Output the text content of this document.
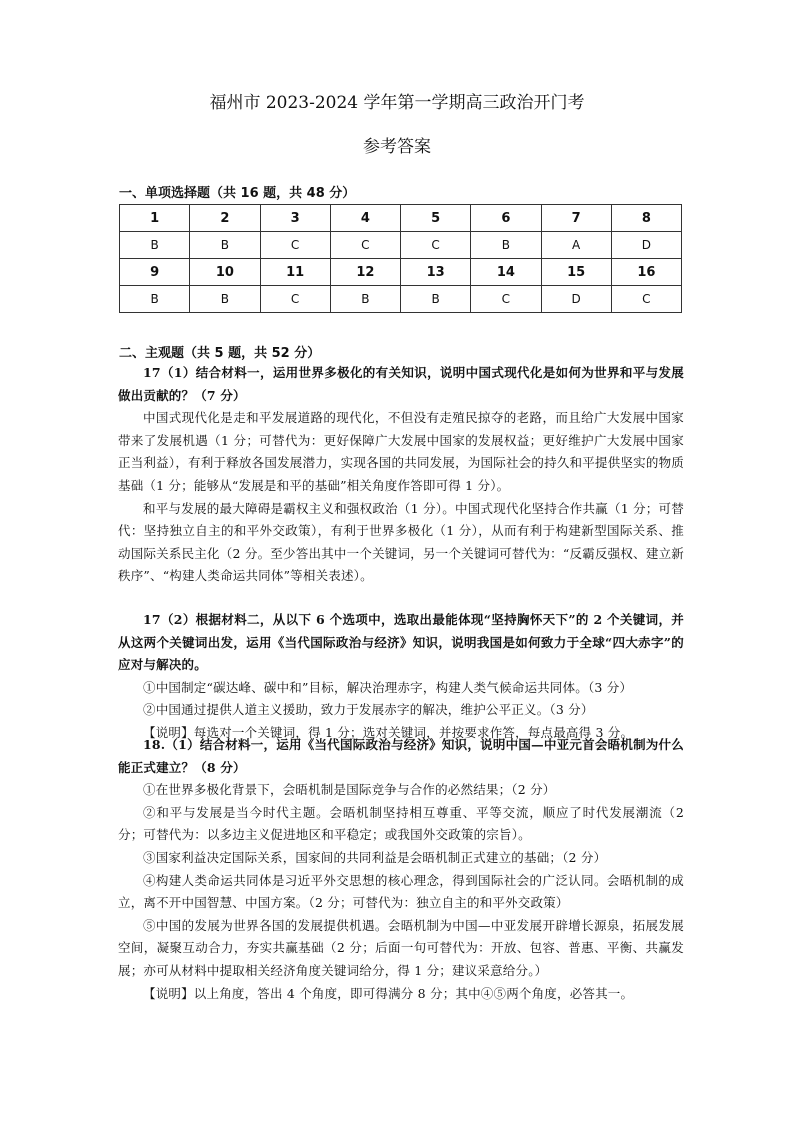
福州市 2023-2024 学年第一学期高三政治开门考
参考答案
一、单项选择题（共 16 题，共 48 分）
1	2	3	4	5	6	7	8
B	B	C	C	C	B	A	D
9	10	11	12	13	14	15	16
B	B	C	B	B	C	D	C
二、主观题（共 5 题，共 52 分）

17（1）结合材料一，运用世界多极化的有关知识，说明中国式现代化是如何为世界和平与发展做出贡献的？（7 分）

中国式现代化是走和平发展道路的现代化，不但没有走殖民掠夺的老路，而且给广大发展中国家带来了发展机遇（1 分；可替代为：更好保障广大发展中国家的发展权益；更好维护广大发展中国家正当利益），有利于释放各国发展潜力，实现各国的共同发展，为国际社会的持久和平提供坚实的物质基础（1 分；能够从“发展是和平的基础”相关角度作答即可得 1 分）。

和平与发展的最大障碍是霸权主义和强权政治（1 分）。中国式现代化坚持合作共赢（1 分；可替代：坚持独立自主的和平外交政策），有利于世界多极化（1 分），从而有利于构建新型国际关系、推动国际关系民主化（2 分。至少答出其中一个关键词，另一个关键词可替代为：“反霸反强权、建立新秩序”、“构建人类命运共同体”等相关表述）。

17（2）根据材料二，从以下 6 个选项中，选取出最能体现“坚持胸怀天下”的 2 个关键词，并从这两个关键词出发，运用《当代国际政治与经济》知识，说明我国是如何致力于全球“四大赤字”的应对与解决的。

①中国制定“碳达峰、碳中和”目标，解决治理赤字，构建人类气候命运共同体。（3 分）

②中国通过提供人道主义援助，致力于发展赤字的解决，维护公平正义。（3 分）

【说明】每选对一个关键词，得 1 分；选对关键词，并按要求作答，每点最高得 3 分。

18.（1）结合材料一，运用《当代国际政治与经济》知识，说明中国—中亚元首会晤机制为什么能正式建立？（8 分）

①在世界多极化背景下，会晤机制是国际竞争与合作的必然结果；（2 分）

②和平与发展是当今时代主题。会晤机制坚持相互尊重、平等交流，顺应了时代发展潮流（2 分；可替代为：以多边主义促进地区和平稳定；或我国外交政策的宗旨）。

③国家利益决定国际关系，国家间的共同利益是会晤机制正式建立的基础；（2 分）

④构建人类命运共同体是习近平外交思想的核心理念，得到国际社会的广泛认同。会晤机制的成立，离不开中国智慧、中国方案。（2 分；可替代为：独立自主的和平外交政策）

⑤中国的发展为世界各国的发展提供机遇。会晤机制为中国—中亚发展开辟增长源泉，拓展发展空间，凝聚互动合力，夯实共赢基础（2 分；后面一句可替代为：开放、包容、普惠、平衡、共赢发展；亦可从材料中提取相关经济角度关键词给分，得 1 分；建议采意给分。）

【说明】以上角度，答出 4 个角度，即可得满分 8 分；其中④⑤两个角度，必答其一。
